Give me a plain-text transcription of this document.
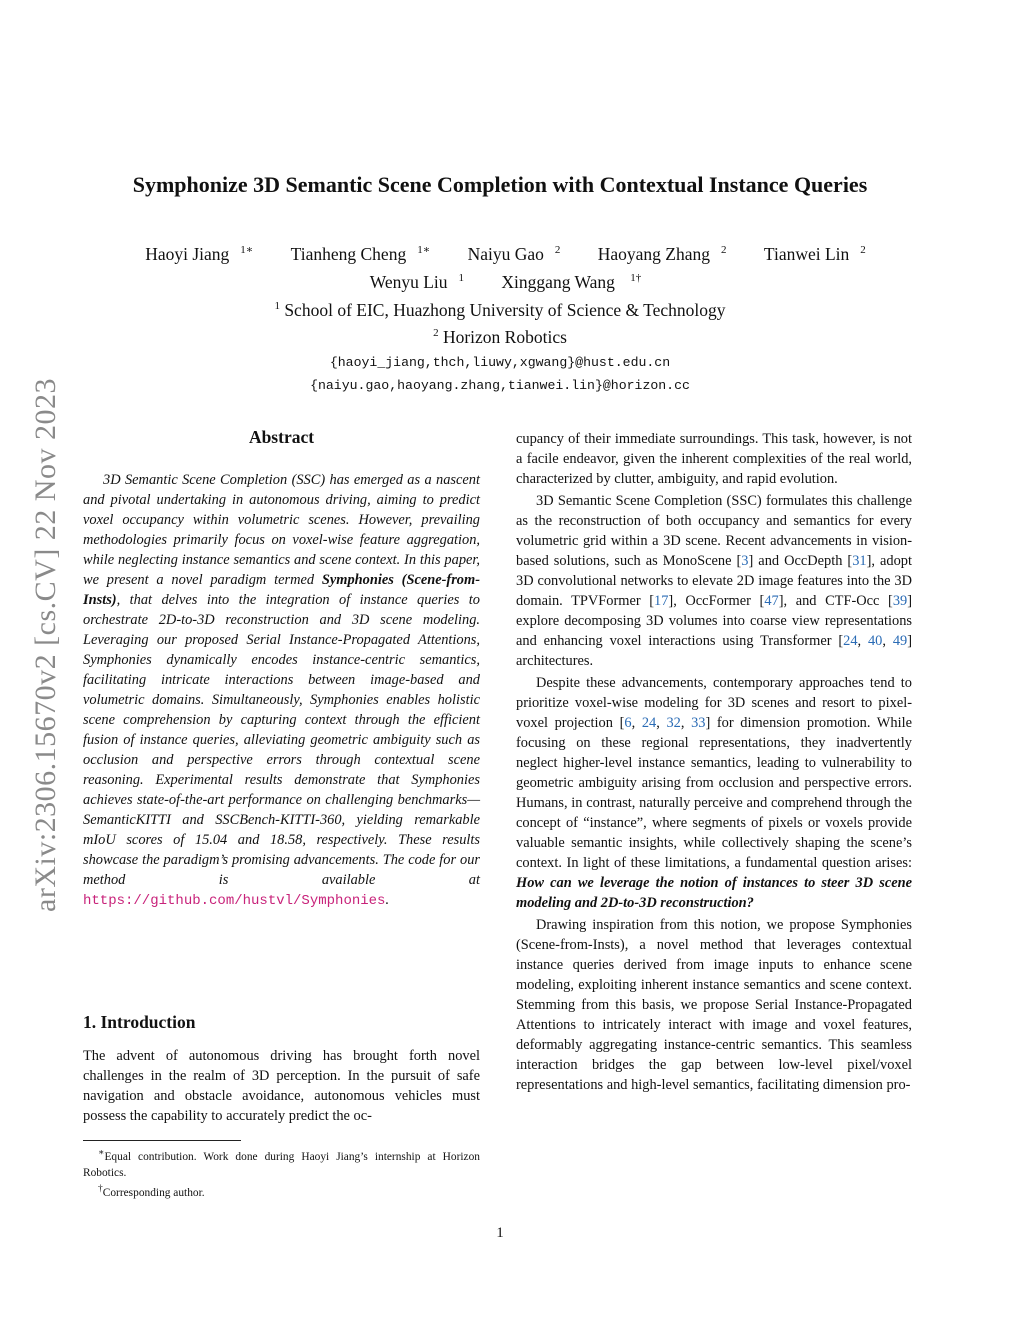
arXiv:2306.15670v2 [cs.CV] 22 Nov 2023
Symphonize 3D Semantic Scene Completion with Contextual Instance Queries
Haoyi Jiang $^{1∗}$ Tianheng Cheng $^{1∗}$ Naiyu Gao $^2$ Haoyang Zhang $^2$ Tianwei Lin $^2$
Wenyu Liu $^1$ Xinggang Wang $^{1\dagger}$

$^1$ School of EIC, Huazhong University of Science & Technology

$^2$ Horizon Robotics

{haoyi_jiang,thch,liuwy,xgwang}@hust.edu.cn
{naiyu.gao,haoyang.zhang,tianwei.lin}@horizon.cc
Abstract

3D Semantic Scene Completion (SSC) has emerged as a nascent and pivotal undertaking in autonomous driving, aiming to predict voxel occupancy within volumetric scenes. However, prevailing methodologies primarily focus on voxel-wise feature aggregation, while neglecting instance semantics and scene context. In this paper, we present a novel paradigm termed Symphonies (Scene-from-Insts), that delves into the integration of instance queries to orchestrate 2D-to-3D reconstruction and 3D scene modeling. Leveraging our proposed Serial Instance-Propagated Attentions, Symphonies dynamically encodes instance-centric semantics, facilitating intricate interactions between image-based and volumetric domains. Simultaneously, Symphonies enables holistic scene comprehension by capturing context through the efficient fusion of instance queries, alleviating geometric ambiguity such as occlusion and perspective errors through contextual scene reasoning. Experimental results demonstrate that Symphonies achieves state-of-the-art performance on challenging benchmarks—SemanticKITTI and SSCBench-KITTI-360, yielding remarkable mIoU scores of 15.04 and 18.58, respectively. These results showcase the paradigm’s promising advancements. The code for our method is available at https://github.com/hustvl/Symphonies.

1. Introduction

The advent of autonomous driving has brought forth novel challenges in the realm of 3D perception. In the pursuit of safe navigation and obstacle avoidance, autonomous vehicles must possess the capability to accurately predict the oc-

∗Equal contribution. Work done during Haoyi Jiang’s internship at Horizon Robotics.

†Corresponding author.

cupancy of their immediate surroundings. This task, however, is not a facile endeavor, given the inherent complexities of the real world, characterized by clutter, ambiguity, and rapid evolution.

3D Semantic Scene Completion (SSC) formulates this challenge as the reconstruction of both occupancy and semantics for every volumetric grid within a 3D scene. Recent advancements in vision-based solutions, such as MonoScene [3] and OccDepth [31], adopt 3D convolutional networks to elevate 2D image features into the 3D domain. TPVFormer [17], OccFormer [47], and CTF-Occ [39] explore decomposing 3D volumes into coarse view representations and enhancing voxel interactions using Transformer [24, 40, 49] architectures.

Despite these advancements, contemporary approaches tend to prioritize voxel-wise modeling for 3D scenes and resort to pixel-voxel projection [6, 24, 32, 33] for dimension promotion. While focusing on these regional representations, they inadvertently neglect higher-level instance semantics, leading to vulnerability to geometric ambiguity arising from occlusion and perspective errors. Humans, in contrast, naturally perceive and comprehend through the concept of “instance”, where segments of pixels or voxels provide valuable semantic insights, while collectively shaping the scene’s context. In light of these limitations, a fundamental question arises: How can we leverage the notion of instances to steer 3D scene modeling and 2D-to-3D reconstruction?

Drawing inspiration from this notion, we propose Symphonies (Scene-from-Insts), a novel method that leverages contextual instance queries derived from image inputs to enhance scene modeling, exploiting inherent instance semantics and scene context. Stemming from this basis, we propose Serial Instance-Propagated Attentions to intricately interact with image and voxel features, deformably aggregating instance-centric semantics. This seamless interaction bridges the gap between low-level pixel/voxel representations and high-level semantics, facilitating dimension pro-

1
